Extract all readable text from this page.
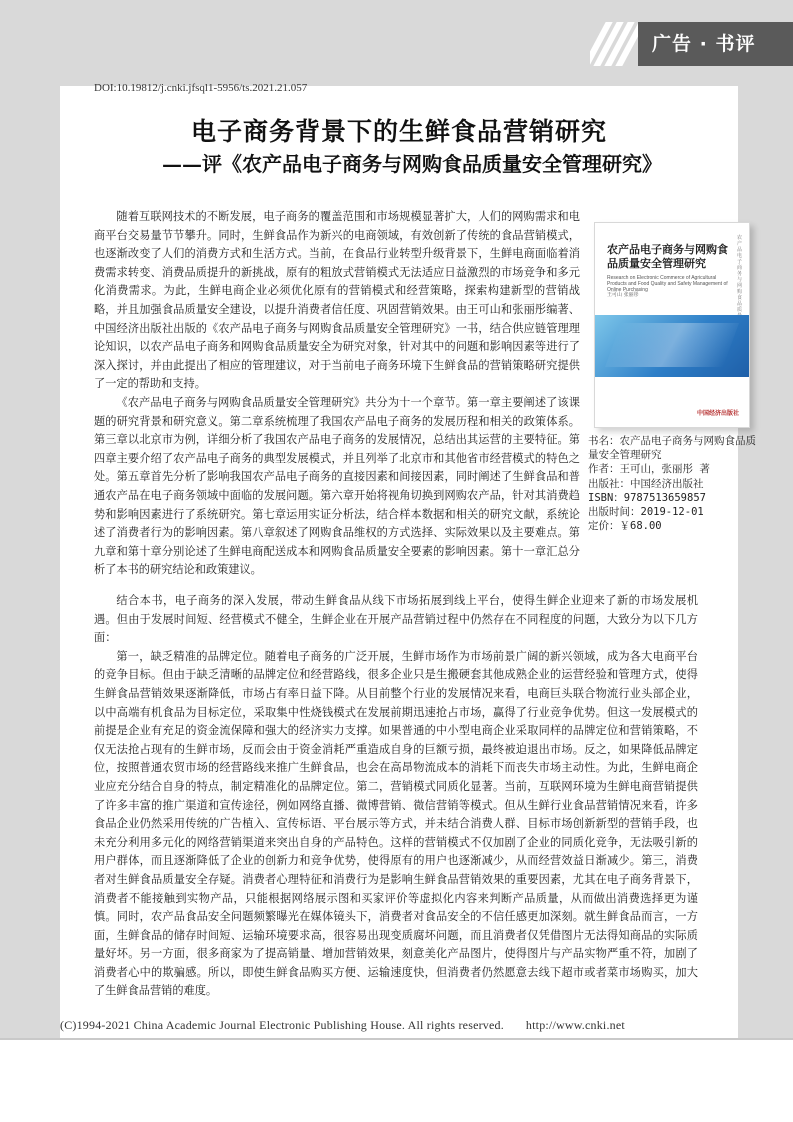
广告 · 书评
DOI:10.19812/j.cnki.jfsql1-5956/ts.2021.21.057
电子商务背景下的生鲜食品营销研究
——评《农产品电子商务与网购食品质量安全管理研究》

随着互联网技术的不断发展，电子商务的覆盖范围和市场规模显著扩大，人们的网购需求和电商平台交易量节节攀升。同时，生鲜食品作为新兴的电商领域，有效创新了传统的食品营销模式，也逐渐改变了人们的消费方式和生活方式。当前，在食品行业转型升级背景下，生鲜电商面临着消费需求转变、消费品质提升的新挑战，原有的粗放式营销模式无法适应日益激烈的市场竞争和多元化消费需求。为此，生鲜电商企业必须优化原有的营销模式和经营策略，探索构建新型的营销战略，并且加强食品质量安全建设，以提升消费者信任度、巩固营销效果。由王可山和张丽彤编著、中国经济出版社出版的《农产品电子商务与网购食品质量安全管理研究》一书，结合供应链管理理论知识，以农产品电子商务和网购食品质量安全为研究对象，针对其中的问题和影响因素等进行了深入探讨，并由此提出了相应的管理建议，对于当前电子商务环境下生鲜食品的营销策略研究提供了一定的帮助和支持。

《农产品电子商务与网购食品质量安全管理研究》共分为十一个章节。第一章主要阐述了该课题的研究背景和研究意义。第二章系统梳理了我国农产品电子商务的发展历程和相关的政策体系。第三章以北京市为例，详细分析了我国农产品电子商务的发展情况，总结出其运营的主要特征。第四章主要介绍了农产品电子商务的典型发展模式，并且列举了北京市和其他省市经营模式的特色之处。第五章首先分析了影响我国农产品电子商务的直接因素和间接因素，同时阐述了生鲜食品和普通农产品在电子商务领域中面临的发展问题。第六章开始将视角切换到网购农产品，针对其消费趋势和影响因素进行了系统研究。第七章运用实证分析法，结合样本数据和相关的研究文献，系统论述了消费者行为的影响因素。第八章叙述了网购食品维权的方式选择、实际效果以及主要难点。第九章和第十章分别论述了生鲜电商配送成本和网购食品质量安全要素的影响因素。第十一章汇总分析了本书的研究结论和政策建议。

农产品电子商务与网购食品质量安全管理研究
Research on Electronic Commerce of Agricultural Products and Food Quality and Safety Management of Online Purchasing
王可山 张丽彤
农产品电子商务与网购食品质
中国经济出版社
书名：农产品电子商务与网购食品质量安全管理研究
作者：王可山，张丽彤 著
出版社：中国经济出版社
ISBN：9787513659857
出版时间：2019-12-01
定价：￥68.00

结合本书，电子商务的深入发展，带动生鲜食品从线下市场拓展到线上平台，使得生鲜企业迎来了新的市场发展机遇。但由于发展时间短、经营模式不健全，生鲜企业在开展产品营销过程中仍然存在不同程度的问题，大致分为以下几方面：

第一，缺乏精准的品牌定位。随着电子商务的广泛开展，生鲜市场作为市场前景广阔的新兴领域，成为各大电商平台的竞争目标。但由于缺乏清晰的品牌定位和经营路线，很多企业只是生搬硬套其他成熟企业的运营经验和管理方式，使得生鲜食品营销效果逐渐降低，市场占有率日益下降。从目前整个行业的发展情况来看，电商巨头联合物流行业头部企业，以中高端有机食品为目标定位，采取集中性烧钱模式在发展前期迅速抢占市场，赢得了行业竞争优势。但这一发展模式的前提是企业有充足的资金流保障和强大的经济实力支撑。如果普通的中小型电商企业采取同样的品牌定位和营销策略，不仅无法抢占现有的生鲜市场，反而会由于资金消耗严重造成自身的巨额亏损，最终被迫退出市场。反之，如果降低品牌定位，按照普通农贸市场的经营路线来推广生鲜食品，也会在高昂物流成本的消耗下而丧失市场主动性。为此，生鲜电商企业应充分结合自身的特点，制定精准化的品牌定位。第二，营销模式同质化显著。当前，互联网环境为生鲜电商营销提供了许多丰富的推广渠道和宣传途径，例如网络直播、微博营销、微信营销等模式。但从生鲜行业食品营销情况来看，许多食品企业仍然采用传统的广告植入、宣传标语、平台展示等方式，并未结合消费人群、目标市场创新新型的营销手段，也未充分利用多元化的网络营销渠道来突出自身的产品特色。这样的营销模式不仅加剧了企业的同质化竞争，无法吸引新的用户群体，而且逐渐降低了企业的创新力和竞争优势，使得原有的用户也逐渐减少，从而经营效益日渐减少。第三，消费者对生鲜食品质量安全存疑。消费者心理特征和消费行为是影响生鲜食品营销效果的重要因素，尤其在电子商务背景下，消费者不能接触到实物产品，只能根据网络展示图和买家评价等虚拟化内容来判断产品质量，从而做出消费选择更为谨慎。同时，农产品食品安全问题频繁曝光在媒体镜头下，消费者对食品安全的不信任感更加深刻。就生鲜食品而言，一方面，生鲜食品的储存时间短、运输环境要求高，很容易出现变质腐坏问题，而且消费者仅凭借图片无法得知商品的实际质量好坏。另一方面，很多商家为了提高销量、增加营销效果，刻意美化产品图片，使得图片与产品实物严重不符，加剧了消费者心中的欺骗感。所以，即使生鲜食品购买方便、运输速度快，但消费者仍然愿意去线下超市或者菜市场购买，加大了生鲜食品营销的难度。

(C)1994-2021 China Academic Journal Electronic Publishing House. All rights reserved. http://www.cnki.net
